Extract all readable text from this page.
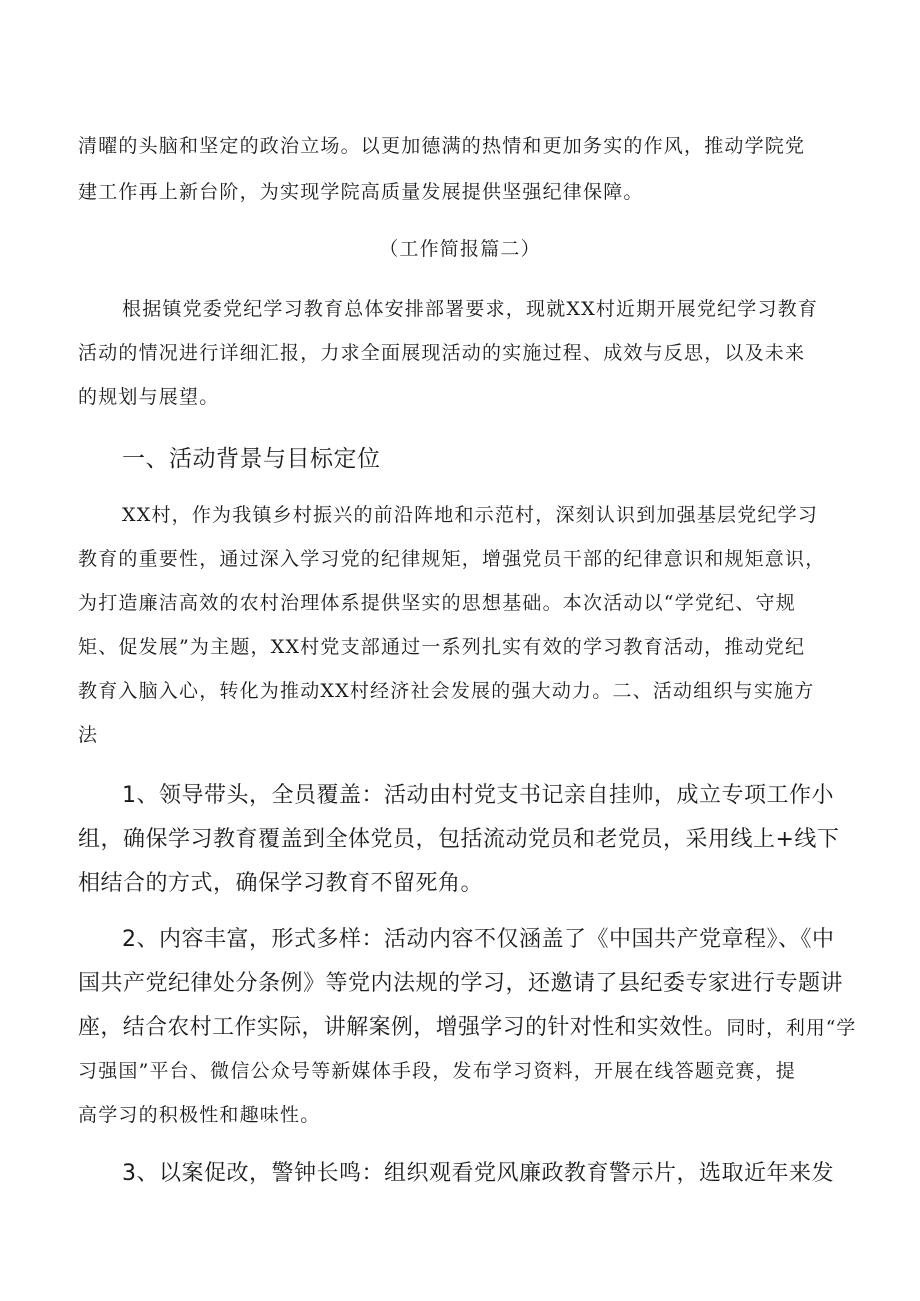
清曜的头脑和坚定的政治立场。以更加德满的热情和更加务实的作风，推动学院党
建工作再上新台阶，为实现学院高质量发展提供坚强纪律保障。
（工作简报篇二）
根据镇党委党纪学习教育总体安排部署要求，现就XX村近期开展党纪学习教育
活动的情况进行详细汇报，力求全面展现活动的实施过程、成效与反思，以及未来
的规划与展望。
一、活动背景与目标定位
XX村，作为我镇乡村振兴的前沿阵地和示范村，深刻认识到加强基层党纪学习
教育的重要性，通过深入学习党的纪律规矩，增强党员干部的纪律意识和规矩意识，
为打造廉洁高效的农村治理体系提供坚实的思想基础。本次活动以“学党纪、守规
矩、促发展”为主题，XX村党支部通过一系列扎实有效的学习教育活动，推动党纪
教育入脑入心，转化为推动XX村经济社会发展的强大动力。二、活动组织与实施方
法
1、领导带头，全员覆盖：活动由村党支书记亲自挂帅，成立专项工作小
组，确保学习教育覆盖到全体党员，包括流动党员和老党员，采用线上+线下
相结合的方式，确保学习教育不留死角。
2、内容丰富，形式多样：活动内容不仅涵盖了《中国共产党章程》、《中
国共产党纪律处分条例》等党内法规的学习，还邀请了县纪委专家进行专题讲
座，结合农村工作实际，讲解案例，增强学习的针对性和实效性。同时，利用“学
习强国”平台、微信公众号等新媒体手段，发布学习资料，开展在线答题竞赛，提
高学习的积极性和趣味性。
3、以案促改，警钟长鸣：组织观看党风廉政教育警示片，选取近年来发
